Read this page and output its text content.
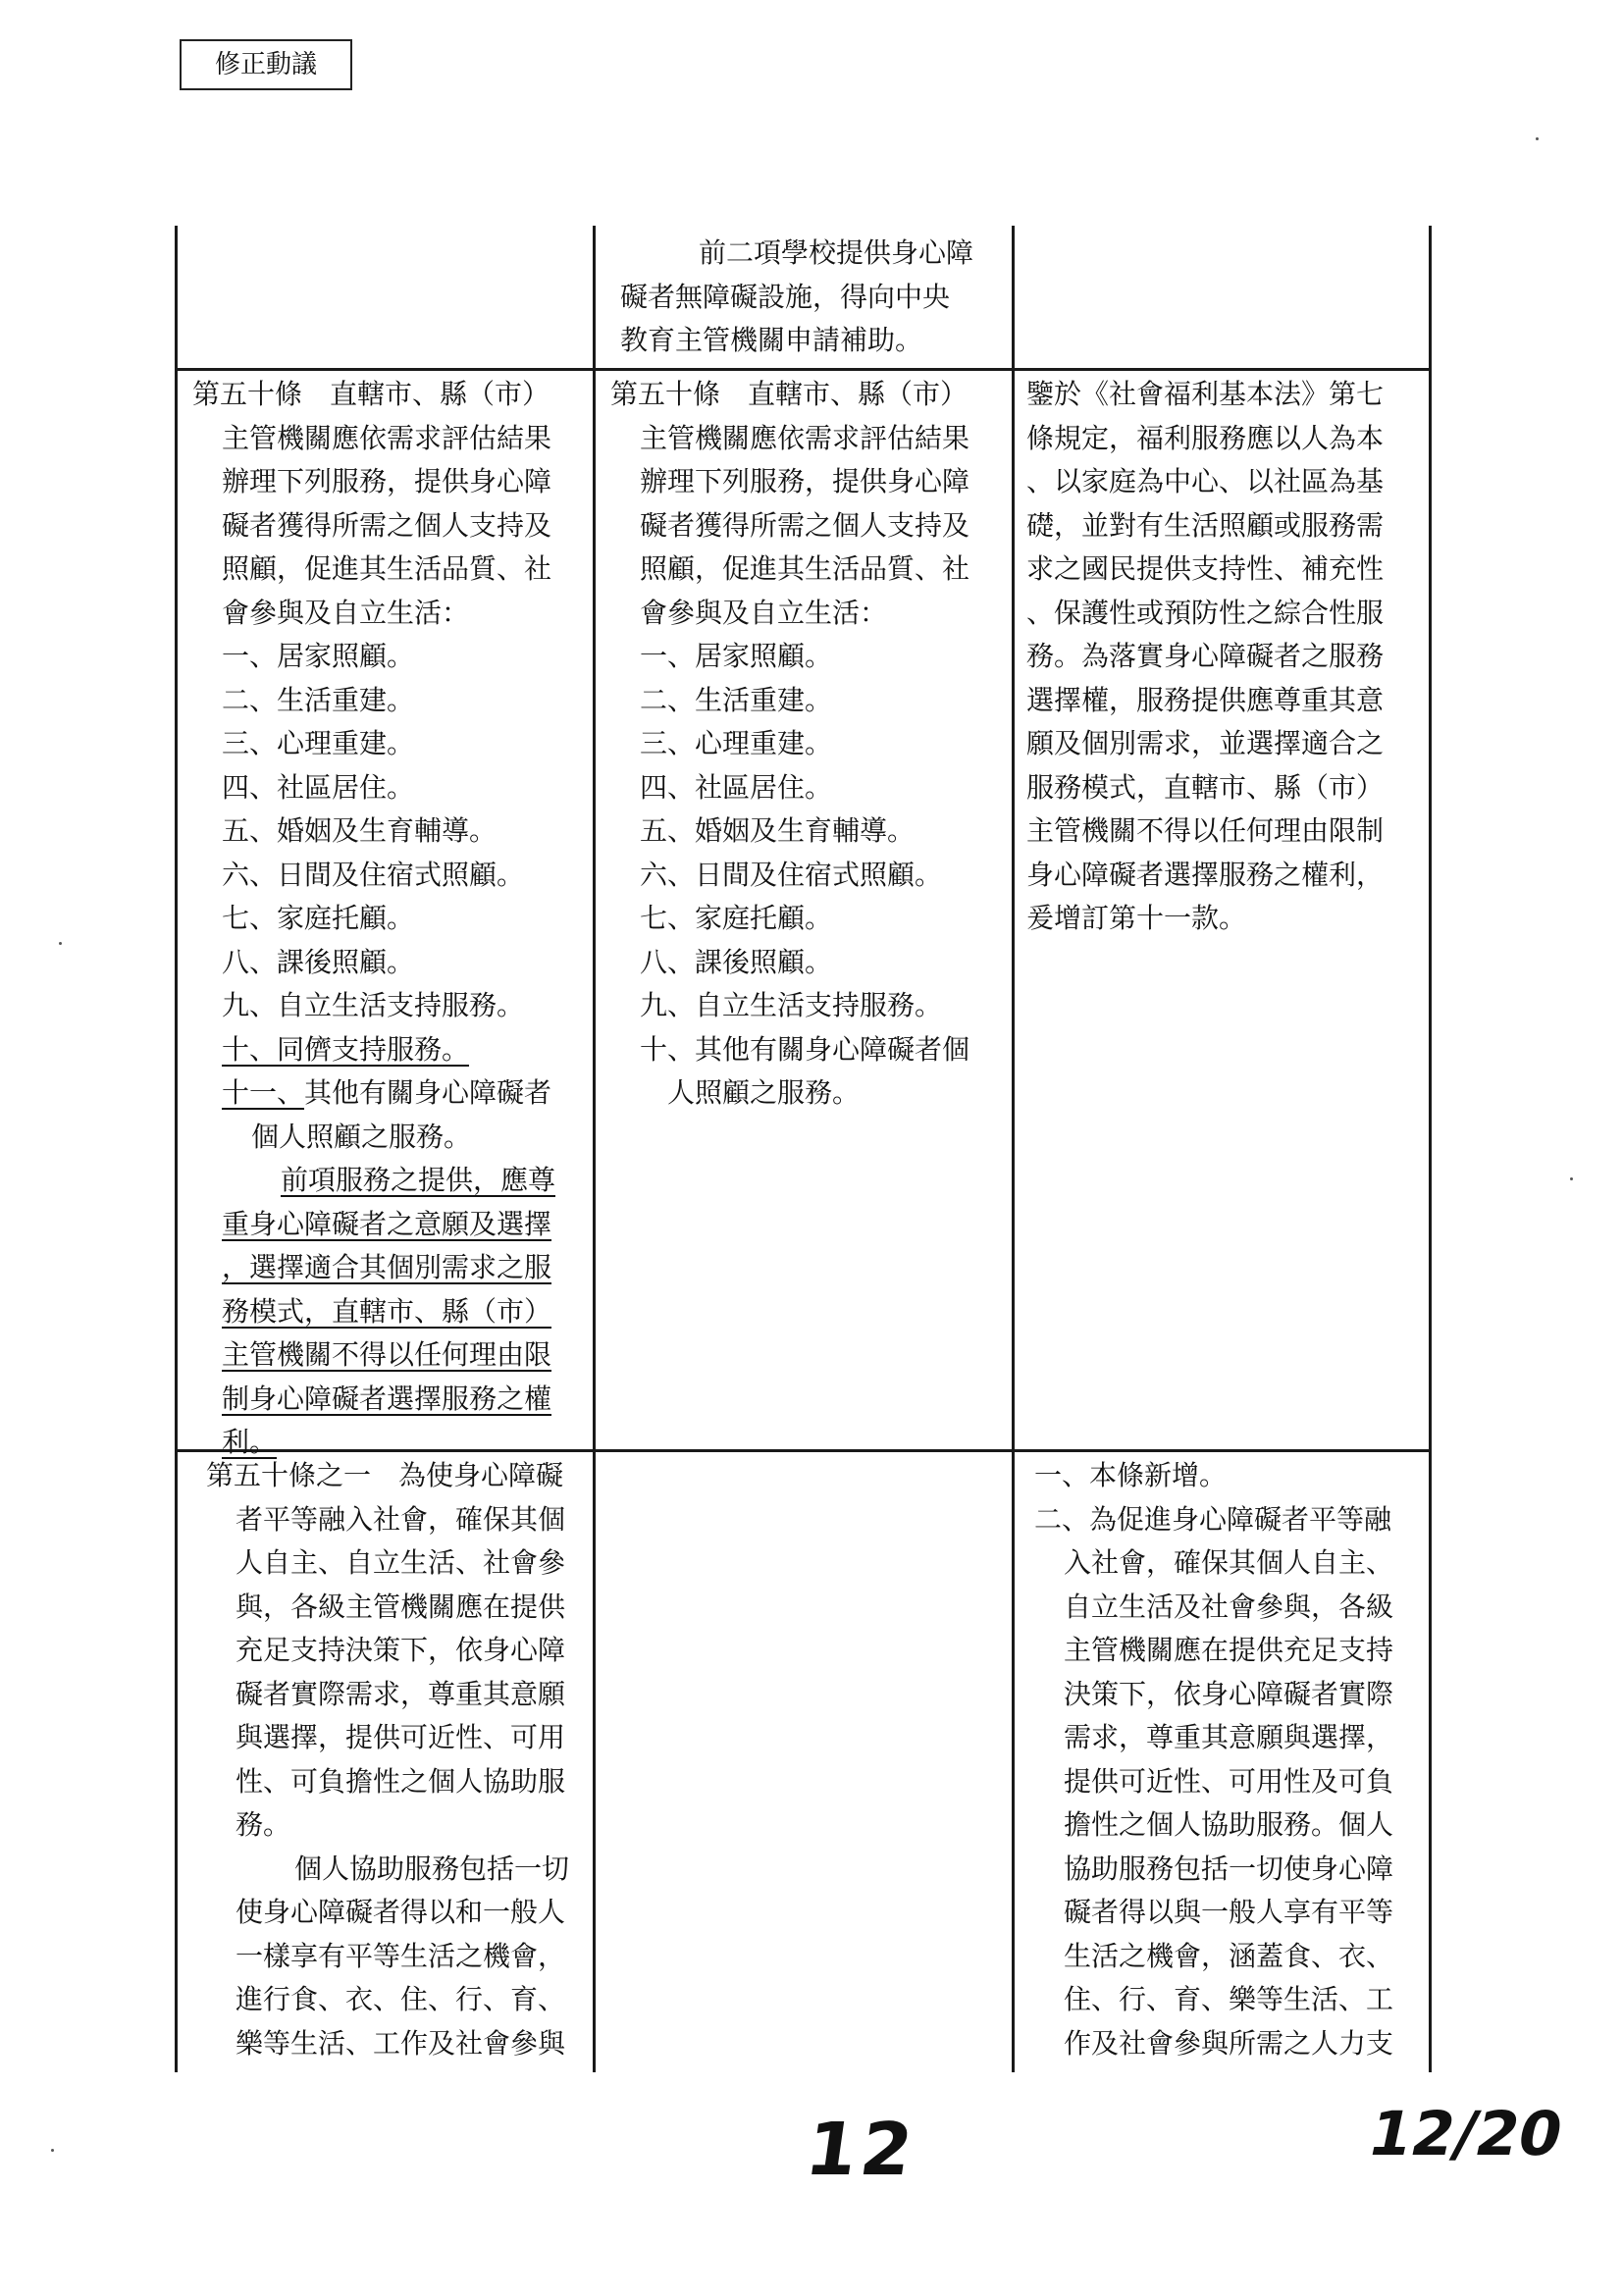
修正動議

前二項學校提供身心障

礙者無障礙設施，得向中央

教育主管機關申請補助。

第五十條　直轄市、縣（市）

主管機關應依需求評估結果

辦理下列服務，提供身心障

礙者獲得所需之個人支持及

照顧，促進其生活品質、社

會參與及自立生活：

一、居家照顧。

二、生活重建。

三、心理重建。

四、社區居住。

五、婚姻及生育輔導。

六、日間及住宿式照顧。

七、家庭托顧。

八、課後照顧。

九、自立生活支持服務。

十、同儕支持服務。

十一、其他有關身心障礙者

個人照顧之服務。

前項服務之提供，應尊

重身心障礙者之意願及選擇

，選擇適合其個別需求之服

務模式，直轄市、縣（市）

主管機關不得以任何理由限

制身心障礙者選擇服務之權

利。

第五十條　直轄市、縣（市）

主管機關應依需求評估結果

辦理下列服務，提供身心障

礙者獲得所需之個人支持及

照顧，促進其生活品質、社

會參與及自立生活：

一、居家照顧。

二、生活重建。

三、心理重建。

四、社區居住。

五、婚姻及生育輔導。

六、日間及住宿式照顧。

七、家庭托顧。

八、課後照顧。

九、自立生活支持服務。

十、其他有關身心障礙者個

人照顧之服務。

鑒於《社會福利基本法》第七

條規定，福利服務應以人為本

、以家庭為中心、以社區為基

礎，並對有生活照顧或服務需

求之國民提供支持性、補充性

、保護性或預防性之綜合性服

務。為落實身心障礙者之服務

選擇權，服務提供應尊重其意

願及個別需求，並選擇適合之

服務模式，直轄市、縣（市）

主管機關不得以任何理由限制

身心障礙者選擇服務之權利，

爰增訂第十一款。

第五十條之一　為使身心障礙

者平等融入社會，確保其個

人自主、自立生活、社會參

與，各級主管機關應在提供

充足支持決策下，依身心障

礙者實際需求，尊重其意願

與選擇，提供可近性、可用

性、可負擔性之個人協助服

務。

個人協助服務包括一切

使身心障礙者得以和一般人

一樣享有平等生活之機會，

進行食、衣、住、行、育、

樂等生活、工作及社會參與

一、本條新增。

二、為促進身心障礙者平等融

入社會，確保其個人自主、

自立生活及社會參與，各級

主管機關應在提供充足支持

決策下，依身心障礙者實際

需求，尊重其意願與選擇，

提供可近性、可用性及可負

擔性之個人協助服務。個人

協助服務包括一切使身心障

礙者得以與一般人享有平等

生活之機會，涵蓋食、衣、

住、行、育、樂等生活、工

作及社會參與所需之人力支

12	12/20
